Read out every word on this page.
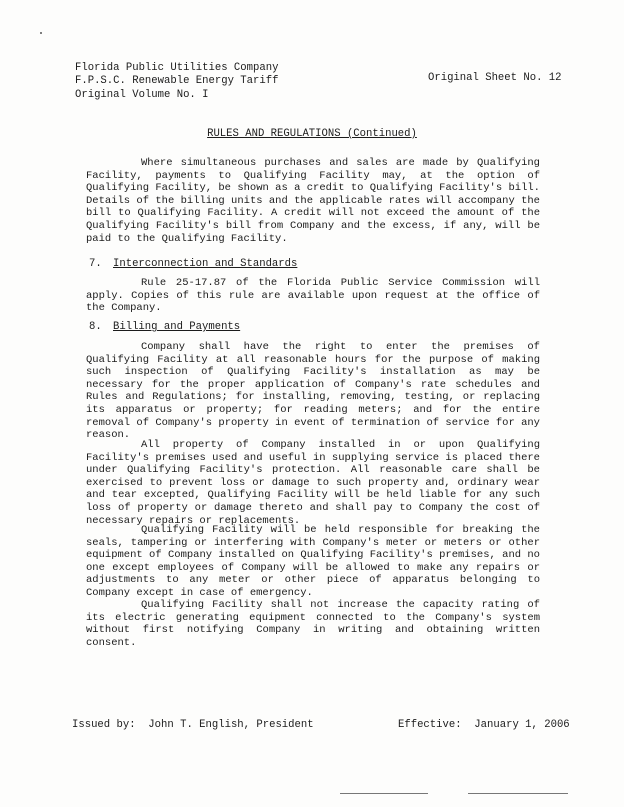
Florida Public Utilities Company
F.P.S.C. Renewable Energy Tariff
Original Volume No. I
Original Sheet No. 12
RULES AND REGULATIONS (Continued)
Where simultaneous purchases and sales are made by Qualifying Facility, payments to Qualifying Facility may, at the option of Qualifying Facility, be shown as a credit to Qualifying Facility's bill. Details of the billing units and the applicable rates will accompany the bill to Qualifying Facility. A credit will not exceed the amount of the Qualifying Facility's bill from Company and the excess, if any, will be paid to the Qualifying Facility.
7. Interconnection and Standards
Rule 25-17.87 of the Florida Public Service Commission will apply. Copies of this rule are available upon request at the office of the Company.
8. Billing and Payments
Company shall have the right to enter the premises of Qualifying Facility at all reasonable hours for the purpose of making such inspection of Qualifying Facility's installation as may be necessary for the proper application of Company's rate schedules and Rules and Regulations; for installing, removing, testing, or replacing its apparatus or property; for reading meters; and for the entire removal of Company's property in event of termination of service for any reason.
All property of Company installed in or upon Qualifying Facility's premises used and useful in supplying service is placed there under Qualifying Facility's protection. All reasonable care shall be exercised to prevent loss or damage to such property and, ordinary wear and tear excepted, Qualifying Facility will be held liable for any such loss of property or damage thereto and shall pay to Company the cost of necessary repairs or replacements.
Qualifying Facility will be held responsible for breaking the seals, tampering or interfering with Company's meter or meters or other equipment of Company installed on Qualifying Facility's premises, and no one except employees of Company will be allowed to make any repairs or adjustments to any meter or other piece of apparatus belonging to Company except in case of emergency.
Qualifying Facility shall not increase the capacity rating of its electric generating equipment connected to the Company's system without first notifying Company in writing and obtaining written consent.
Issued by: John T. English, President	Effective: January 1, 2006
